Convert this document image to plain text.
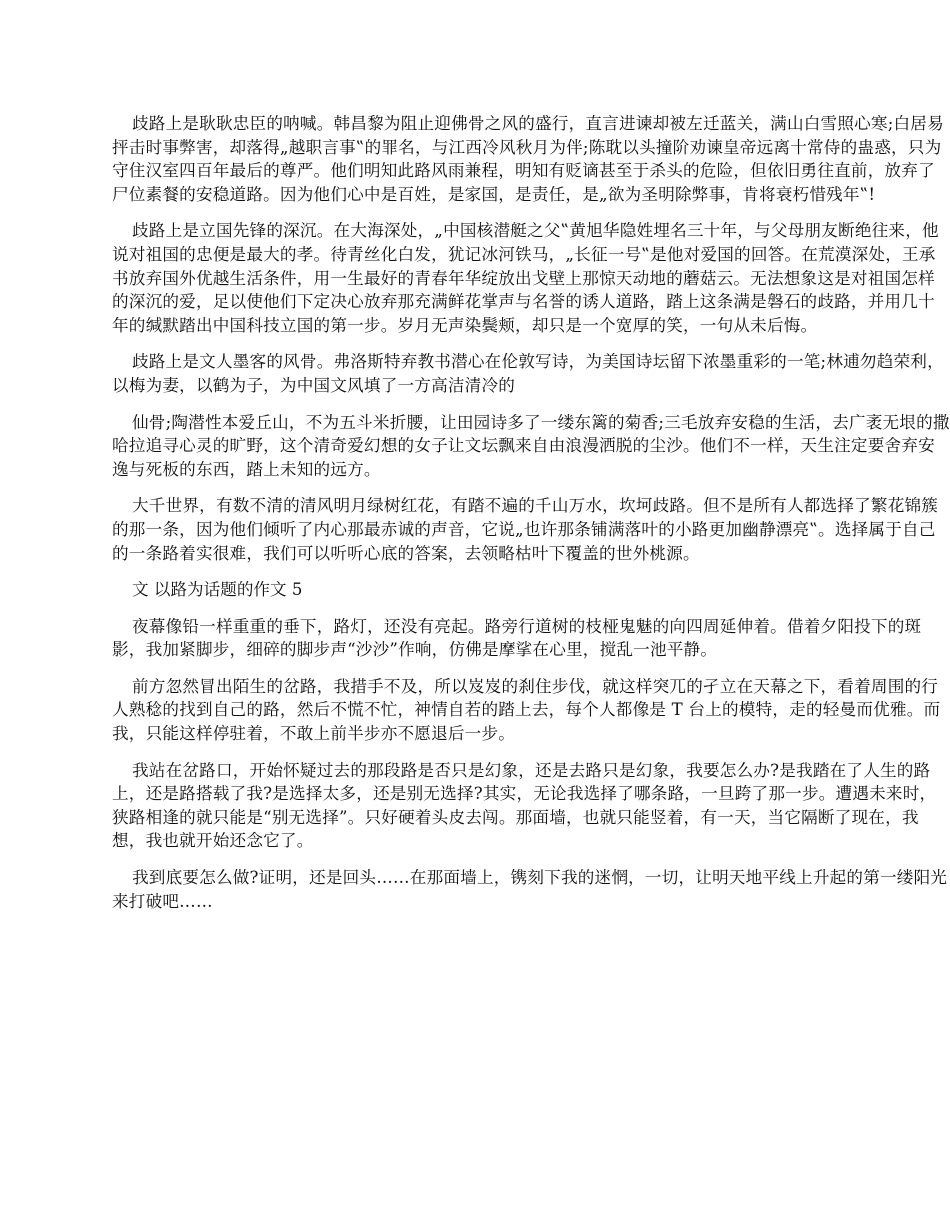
歧路上是耿耿忠臣的呐喊。韩昌黎为阻止迎佛骨之风的盛行，直言进谏却被左迁蓝关，满山白雪照心寒;白居易抨击时事弊害，却落得„越职言事‟的罪名，与江西冷风秋月为伴;陈耽以头撞阶劝谏皇帝远离十常侍的蛊惑，只为守住汉室四百年最后的尊严。他们明知此路风雨兼程，明知有贬谪甚至于杀头的危险，但依旧勇往直前，放弃了尸位素餐的安稳道路。因为他们心中是百姓，是家国，是责任，是„欲为圣明除弊事，肯将衰朽惜残年‟!

歧路上是立国先锋的深沉。在大海深处，„中国核潜艇之父‟黄旭华隐姓埋名三十年，与父母朋友断绝往来，他说对祖国的忠便是最大的孝。待青丝化白发，犹记冰河铁马，„长征一号‟是他对爱国的回答。在荒漠深处，王承书放弃国外优越生活条件，用一生最好的青春年华绽放出戈壁上那惊天动地的蘑菇云。无法想象这是对祖国怎样的深沉的爱，足以使他们下定决心放弃那充满鲜花掌声与名誉的诱人道路，踏上这条满是磐石的歧路，并用几十年的缄默踏出中国科技立国的第一步。岁月无声染鬓颊，却只是一个宽厚的笑，一句从未后悔。

歧路上是文人墨客的风骨。弗洛斯特弃教书潜心在伦敦写诗，为美国诗坛留下浓墨重彩的一笔;林逋勿趋荣利，以梅为妻，以鹤为子，为中国文风填了一方高洁清冷的

仙骨;陶潜性本爱丘山，不为五斗米折腰，让田园诗多了一缕东篱的菊香;三毛放弃安稳的生活，去广袤无垠的撒哈拉追寻心灵的旷野，这个清奇爱幻想的女子让文坛飘来自由浪漫洒脱的尘沙。他们不一样，天生注定要舍弃安逸与死板的东西，踏上未知的远方。

大千世界，有数不清的清风明月绿树红花，有踏不遍的千山万水，坎坷歧路。但不是所有人都选择了繁花锦簇的那一条，因为他们倾听了内心那最赤诚的声音，它说„也许那条铺满落叶的小路更加幽静漂亮‟。选择属于自己的一条路着实很难，我们可以听听心底的答案，去领略枯叶下覆盖的世外桃源。

文 以路为话题的作文 5

夜幕像铅一样重重的垂下，路灯，还没有亮起。路旁行道树的枝桠鬼魅的向四周延伸着。借着夕阳投下的斑影，我加紧脚步，细碎的脚步声“沙沙”作响，仿佛是摩挲在心里，搅乱一池平静。

前方忽然冒出陌生的岔路，我措手不及，所以岌岌的刹住步伐，就这样突兀的孑立在天幕之下，看着周围的行人熟稔的找到自己的路，然后不慌不忙，神情自若的踏上去，每个人都像是 T 台上的模特，走的轻曼而优雅。而我，只能这样停驻着，不敢上前半步亦不愿退后一步。

我站在岔路口，开始怀疑过去的那段路是否只是幻象，还是去路只是幻象，我要怎么办?是我踏在了人生的路上，还是路搭载了我?是选择太多，还是别无选择?其实，无论我选择了哪条路，一旦跨了那一步。遭遇未来时，狭路相逢的就只能是“别无选择”。只好硬着头皮去闯。那面墙，也就只能竖着，有一天，当它隔断了现在，我想，我也就开始还念它了。

我到底要怎么做?证明，还是回头……在那面墙上，镌刻下我的迷惘，一切，让明天地平线上升起的第一缕阳光来打破吧……
